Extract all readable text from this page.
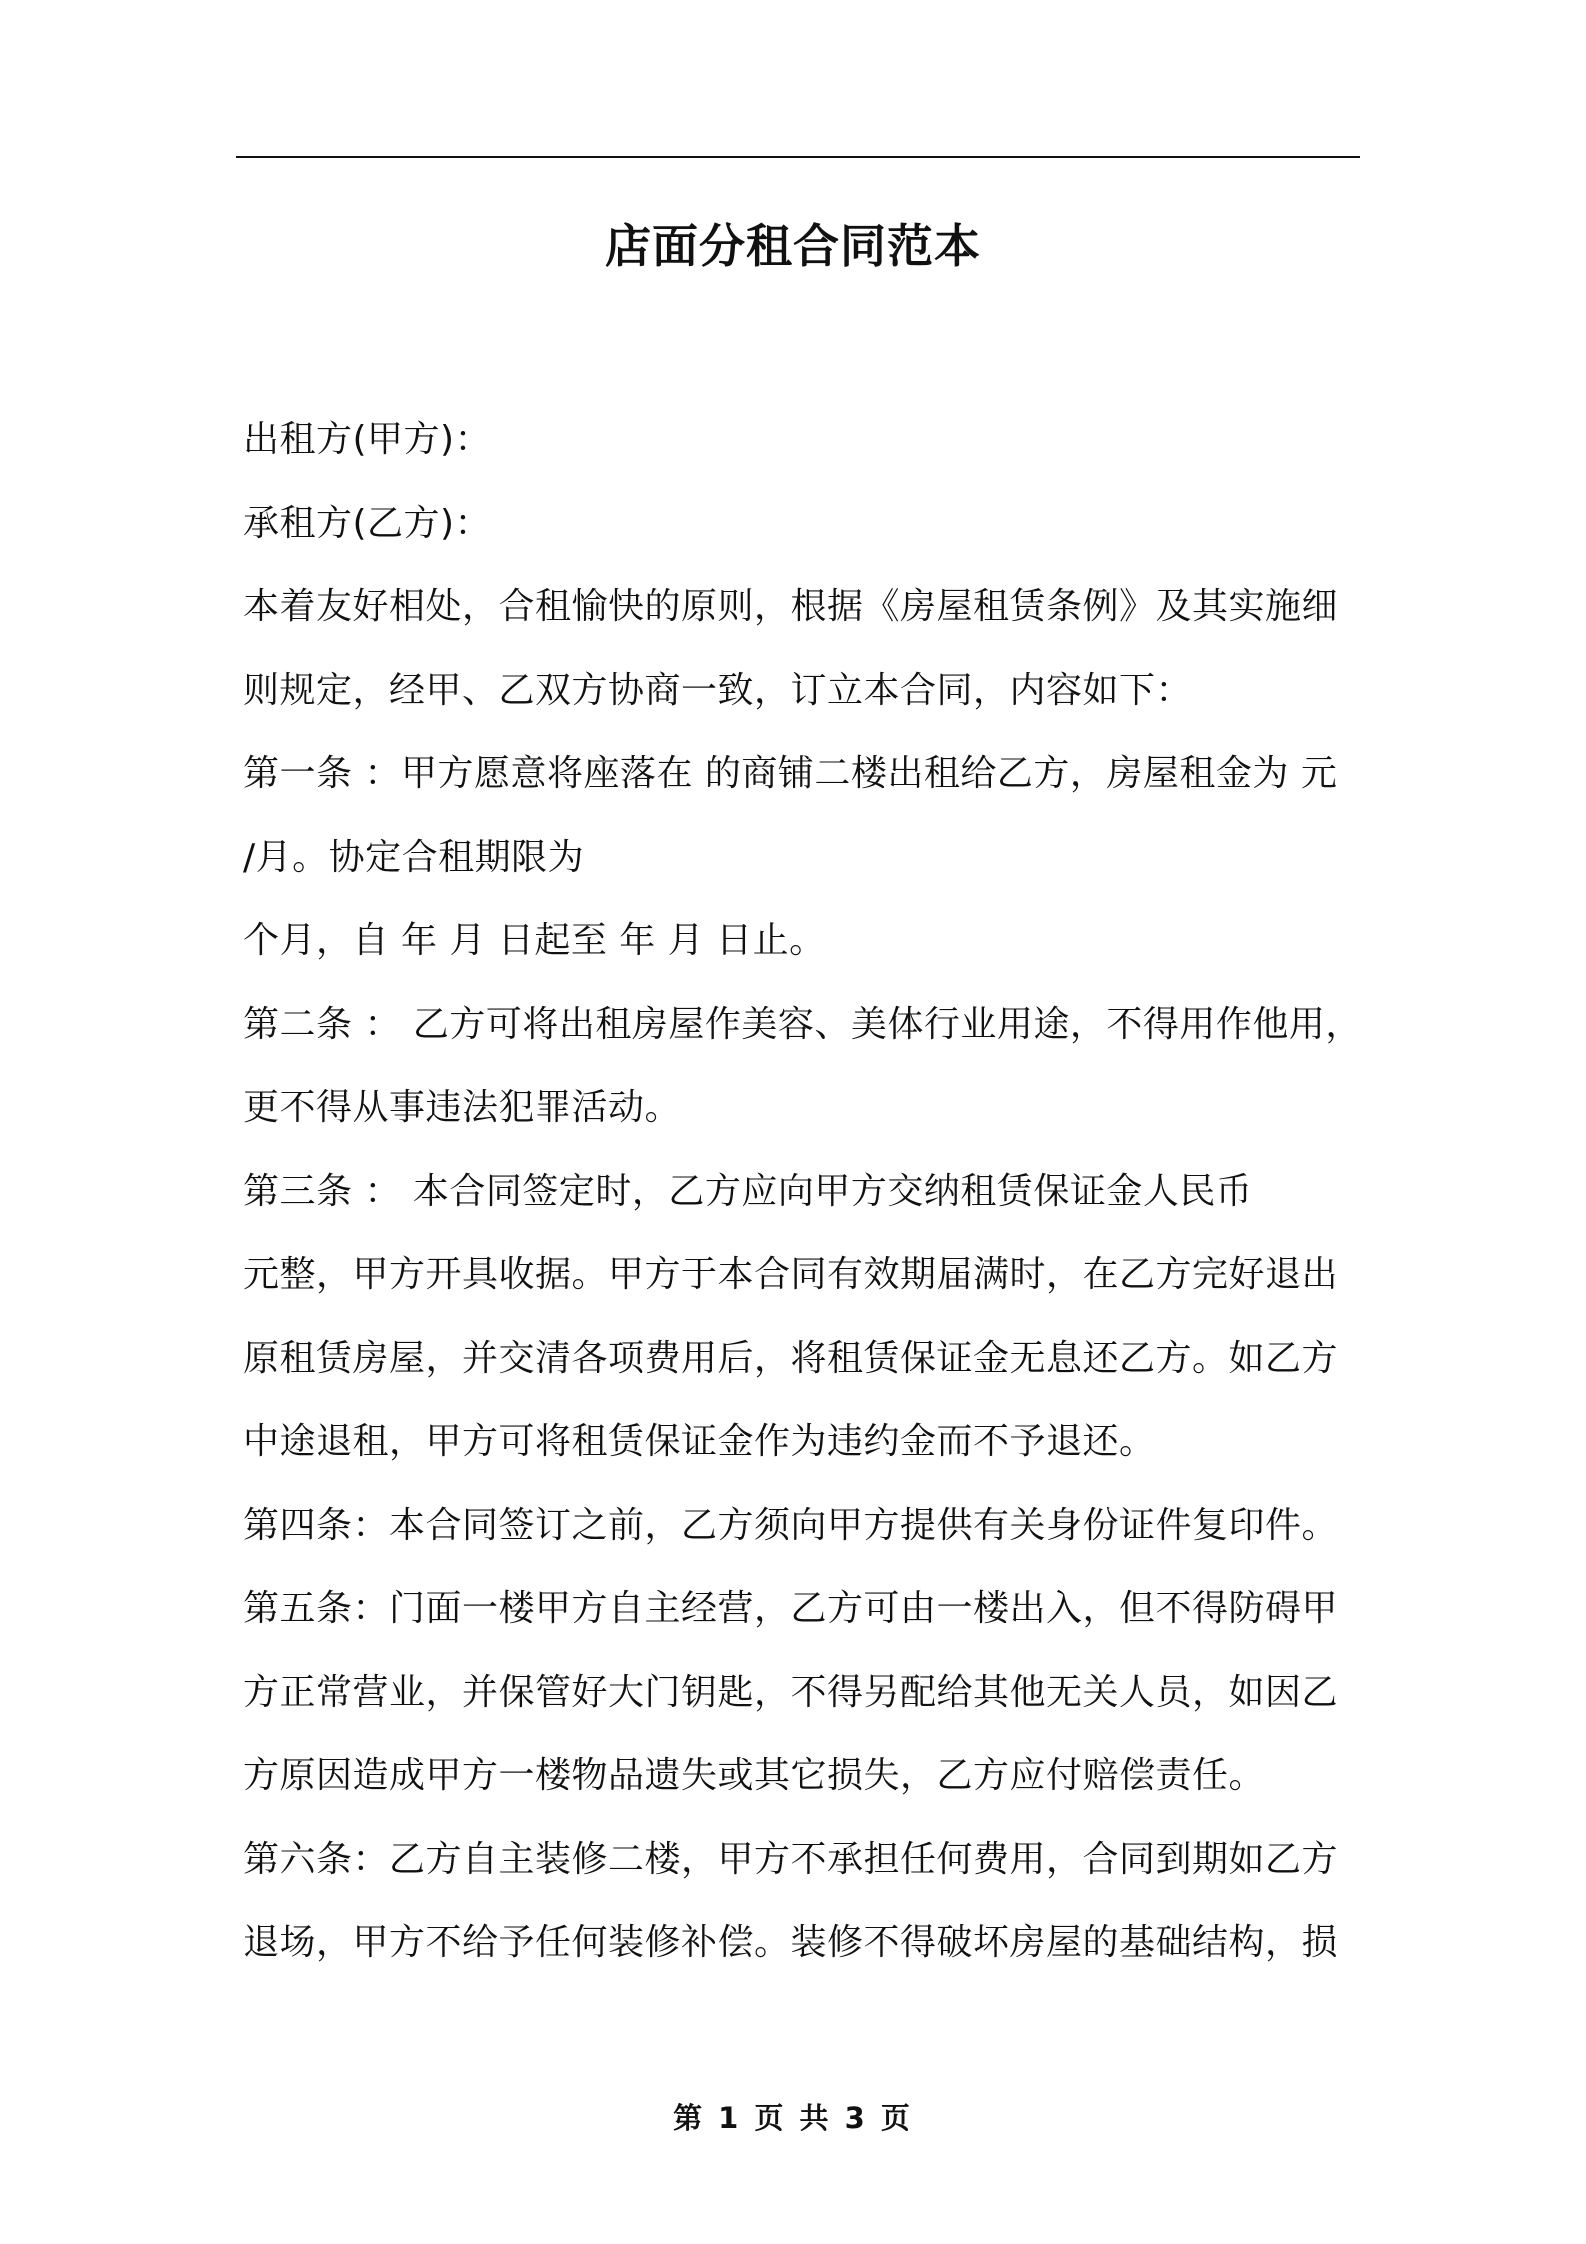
店面分租合同范本
出租方(甲方)：
承租方(乙方)：
本着友好相处，合租愉快的原则，根据《房屋租赁条例》及其实施细
则规定，经甲、乙双方协商一致，订立本合同，内容如下：
第一条 ：甲方愿意将座落在 的商铺二楼出租给乙方，房屋租金为 元
/月。协定合租期限为
个月，自 年 月 日起至 年 月 日止。
第二条 ： 乙方可将出租房屋作美容、美体行业用途，不得用作他用，
更不得从事违法犯罪活动。
第三条 ： 本合同签定时，乙方应向甲方交纳租赁保证金人民币
元整，甲方开具收据。甲方于本合同有效期届满时，在乙方完好退出
原租赁房屋，并交清各项费用后，将租赁保证金无息还乙方。如乙方
中途退租，甲方可将租赁保证金作为违约金而不予退还。
第四条：本合同签订之前，乙方须向甲方提供有关身份证件复印件。
第五条：门面一楼甲方自主经营，乙方可由一楼出入，但不得防碍甲
方正常营业，并保管好大门钥匙，不得另配给其他无关人员，如因乙
方原因造成甲方一楼物品遗失或其它损失，乙方应付赔偿责任。
第六条：乙方自主装修二楼，甲方不承担任何费用，合同到期如乙方
退场，甲方不给予任何装修补偿。装修不得破坏房屋的基础结构，损
第 1 页 共 3 页
